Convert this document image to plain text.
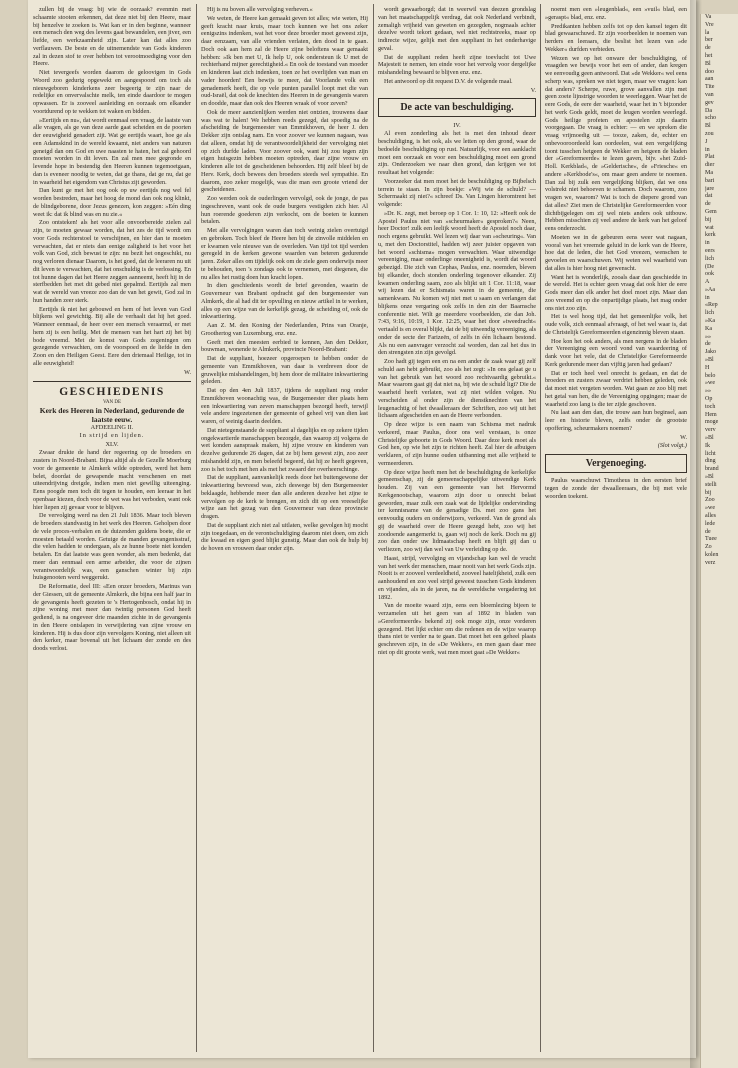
Va
Vre
la
ber
de
het
Bl
doo
aan
Tite
van
gev
Da
scho
Bl
zou
J
in
Plat
dier
Ma
bari
jare
dat
de
Gem
bij
wat
kerk
in
eers
lich
(De
ook
A
»Aa
in
«Rep
lich
»Ka
Ka
»»
de
Jako
»Bl
H
belo
»we
»»
Op
toch
Hem
moge
verv
»Bl
Ik
licht
ding
brand
»Bl
stelli
bij
Zoo
»we
alles
lede
de
Tuee
Zo
kolen
verz

zullen bij de vraag: bij wie de oorzaak? evenmin met schaamte stooten erkennen, dat deze niet bij den Heere, maar bij henzelve te zoeken is. Wat kan er in den beginne, wanneer een mensch den weg des levens gaat bewandelen, een jiver, een liefde, een werkzaamheid zijn. Later kan dat alles zoo verflauwen. De beste en de uitnemendste van Gods kinderen zal in dezen stof te over hebben tot verootmoediging voor den Heere.

Niet tevergeefs worden daarom de geloovigen in Gods Woord zoo gedurig opgewekt en aangespoord om toch als nieuwgeboren kinderkens zeer begeerig te zijn naar de redelijke en onvervalschte melk, ten einde daardoor te mogen opwassen. Er is zooveel aanleiding en oorzaak om elkander voortdurend op te wekken tot waken en bidden.

»Eertijds en nu«, dat wordt eenmaal een vraag, de laatste van alle vragen, als ge van deze aarde gaat scheiden en de poorten der eeuwigheid genadert zijt. Wat ge eertijds waart, hoe ge als een Adamskind in de wereld kwaamt, niet anders van naturen geneigd dan om God en uwe naasten te haten, het zal gehoord moeten worden in dit leven. En zal men mee gegronde en levende hope in bestendig den Heeren kunnen tegemoetgaan, dan is eveneer noodig te weten, dat ge thans, dat ge nu, dat ge in waarheid het eigendom van Christus zijt geworden.

Dan kunt ge met het oog ook op uw eertijds nog wel fel worden bestreden, maar het hoog de mond dan ook nog klinkt, de blindgeborene, door Jezus genezen, kon zeggen: »Eén ding weet ik: dat ik blind was en nu zie.«

Zoo ontsteken! als het voor alle onvoorbereide zielen zal zijn, te moeten gewaar worden, dat het zes de tijd wordt om voor Gods rechterstoel te verschijnen, en hier dan te moeten verwachten, dat er niets dan eenige zaligheid is het voor het volk van God, zich bewust te zijn: nu bezit het ongeschikt, nu nog verloren dienaar Daarom, is het goed, dat de leeraren nu uit dit leven te verwachten, dat het onschuldig is de verlossing. En tot hunne dagen dat het Heere zeggen aanneemt, heeft hij in de sterfbedden het met dit gebed niet gepalmd. Eertijds zal men wat de wereld van vreeze zoo dan de van het gewit, God zal in hun handen zeer sterk.

Eertijds ik niet het gebouwd en hem of het leven van God blijkens wel gewichtig. Bij alle de verhaalt dat hij het goed. Wanneer eenmaal, de heer over een mensch veraarmd, er met hem zij is een heilig. Met de mensen van het hart zij het bij bode vreemd. Met de komst van Gods zegeningen om gezegende verwachten, om de voorspoed en de liefde in den Zoon en den Heiligen Geest. Eere den driemaal Heilige, tot in alle eeuwigheid!

W.
GESCHIEDENIS
VAN DE
Kerk des Heeren in Nederland, gedurende de laatste eeuw.
AFDEELING II.
In strijd en lijden.
XLV.

Zwaar drukte de hand der regeering op de broeders en zusters in Noord-Brabant. Bijna altijd als de Gezelle Moerburg voor de gemeente te Almkerk wilde optreden, werd het hem belet, doordat de gewapende macht verschenen en met uiteendrijving dreigde, indien men niet gewillig uiteenging. Eens poogde men toch dit tegen te houden, een leeraar in het openbaar kiezen, doch voor de wet was het verboden, want ook hier liepen zij gevaar voor te blijven.

De vervolging werd na den 21 Juli 1836. Maar toch bleven de broeders standvastig in het werk des Heeren. Geholpen door de vele proces-verbalen en de duizenden guldens boete, die er moesten betaald worden. Getuige de manden gevangenisstraf, die velen hadden te ondergaan, als ze hunne boete niet konden betalen. En dat laatste was geen wonder, als men bedenkt, dat meer dan eenmaal een arme arbeider, die voor de zijnen verantwoordelijk was, een ganschen winter bij zijn huisgenooten werd weggerukt.

De Reformatie, deel III: «Een onzer broeders, Marinus van der Giessen, uit de gemeente Almkerk, die bijna een half jaar in de gevangenis heeft gezeten te 's Hertogenbosch, ondat hij in zijne woning met meer dan twintig personen God heeft gediend, is na ongeveer drie maanden zichte in de gevangenis in den Heere ontslapen in verwijdering van zijne vrouw en kinderen. Hij is dus door zijn vervolgers Koning, niet alleen uit den kerker, maar bovenal uit het lichaam der zonde en des doods verlost.

Hij is nu boven alle vervolging verheven.«

We weten, de Heere kan gemaakt geven tot alles; wie weten, Hij geeft kracht naar kruis, maar toch kunnen we het ons zeker eenigszins indenken, wat het voor deze broeder moet geweest zijn, daar eenzaam, van alle vrienden verlaten, den dood in te gaan. Doch ook aan hem zal de Heere zijne beloftens waar gemaakt hebben: »Ik ben met U, Ik help U, ook ondersteun ik U met de rechterhand mijner gerechtigheid.« En ook de toestand van moeder en kinderen laat zich indenken, toen ze het overlijden van man en vader hoorden! Een bewijs te meer, dat Voorlande volk een genademerk heeft, die op vele punten parallel loopt met die van oud-Israël, dat ook de knechten des Heeren in de gevangenis waren en doodde, maar dan ook des Heeren wraak of voor zeven?

Ook de meer aanzienlijken werden niet ontzien, trouwens daar was wat te halen! We hebben reeds gezegd, dat spoedig na de afscheiding de burgemeester van Emmikhoven, de heer J. den Dekker zijn ontslag nam. En voor zoover we kunnen nagaan, was dat alleen, omdat hij de verantwoordelijkheid der vervolging niet op zich durfde laden. Voor zoover ook, want hij zou tegen zijn eigen huisgezin hebben moeten optreden, daar zijne vrouw en kinderen alle tot de gescheidenen behoorden. Hij zelf bleef bij de Herv. Kerk, doch bewees den broeders steeds wel sympathie. En daarom, zoo zeker mogelijk, was die man een groote vriend der gescheidenen.

Zoo werden ook de ouderlingen vervolgd, ook de jonge, de pas ingeschreven, want ook de oude burgers vestigden zich hier. Al hun roerende goederen zijn verkocht, om de boeten te kunnen betalen.

Met alle vervolgingen waren dan toch weinig zielen overtuigd en gebroken. Toch bleef de Heere hen bij de zinvolle middelen en er kwamen vele nieuwe van de overleden. Van tijd tot tijd werden geregeld in de kerken gewone waarden van beteren gedurende jaren. Zeker alles om tijdelijk ook om de ziele geen onderwijs meer te behouden, toen 's zondags ook te vernemen, met diegenen, die nu alles het rustig doen hun kracht lopen.

In dien geschiedenis wordt de brief gevonden, waarin de Gouverneur van Brabant opdracht gaf den burgemeester van Almkerk, die al had dit ter opvulling en nieuw artikel in te werken, alles op een wijze van de kerkelijk gezag, de scheiding of, ook de inkwartiering.

Aan Z. M. den Koning der Nederlanden, Prins van Oranje, Groothertog van Luxemburg, enz. enz.

Geeft met den meesten eerbied te kennen, Jan den Dekker, bouwman, wonende te Almkerk, provincie Noord-Brabant:

Dat de suppliant, hoezeer opgeroepen te hebben onder de gemeente van Emmikhoven, van daar is verdreven door de gruwelijke mishandelingen, bij hem door de militaire inkwartiering geleden.

Dat op den 4en Juli 1837, tijdens de suppliant nog onder Emmikhoven woonachtig was, de Burgemeester dier plaats hem een inkwartiering van zeven manschappen bezorgd heeft, terwijl vele andere ingezetenen der gemeente of geheel vrij van dien last waren, of weinig daarin deelden.

Dat nietegenstaande de suppliant al dagelijks en op zekere tijden ongekwartierde manschappen bezorgde, dan waarop zij volgens de wet konden aanspraak maken, hij zijne vrouw en kinderen van dezelve gedurende 26 dagen, dat ze bij hem gewest zijn, zoo zeer mishandeld zijn, en men beleefd begeerd, dat hij ze heeft gegeven, zoo is het toch met hen als met het zwaard der overheerschinge.

Dat de suppliant, aanvankelijk reeds door het buitengewone der inkwartiering bevreesd was, zich deswege bij den Burgemeester beklaagde, hebbende meer dan alle anderen dezelve het zijne te vervolgen op de kerk te brengen, en zich dit op een vreeselijke wijze aan het gezag van den Gouverneur van deze provincie dragen.

Dat de suppliant zich niet zal uitlaten, welke gevolgen hij mocht zijn toegedaan, en de verontschuldiging daarom niet doen, om zich die kwaad en eigen goed blijkt gunstig. Maar dan ook de hulp bij de hoven en vrouwen daar onder zijn.

wordt gewaarborgd; dat in weerwil van deezen grondslag van het maatschappelijk verdrag, dat ook Nederland verbindt, zemaligh vrijheid van geweten en gezegden, nogmaals achter dezelve wordt tekort gedaan, wel niet rechtstreeks, maar op indirecte wijze, gelijk met den suppliant in het onderhavige geval.

Dat de suppliant reden heeft zijne toevlucht tot Uwe Majesteit te nemen, ten einde voor het vervolg voor dergelijke mishandeling bewaard te blijven enz. enz.

Het antwoord op dit request D.V. de volgende maal.

V.
De acte van beschuldiging.
IV.

Al even zonderling als het is met den inhoud dezer beschuldiging, is het ook, als we letten op den grond, waar de bedoelde beschuldiging op rust. Natuurlijk, voor een aanklacht moet een oorzaak en voor een beschuldiging moet een grond zijn. Onderzoeken we naar dien grond, dan krijgen we tot resultaat het volgende:

Voorzeeker dat men moet het de beschuldiging op Bijbelsch terrein te staan. In zijn boekje: »Wij wie de schuld? — Schermaakt zij niet?« schreef Ds. Van Lingen hieromtrent het volgende:

»Dr. K. zegt, met beroep op 1 Cor. 1: 10, 12: »Heeft ook de Apostel Paulus niet van »scheurmaker« gesproken?« Neen, heer Doctor! zulk een leelijk woord heeft de Apostel noch daar, noch ergens gebruikt. Wel lezen wij daar van »scheuring«. Van u, met den Doctorstitel, hadden wij zeer juister opgaven van het woord «schisma» mogen verwachten. Waar uitwendige vereeniging, maar onderlinge oneenigheid is, wordt dat woord gebezigd. Die zich van Cephas, Paulus, enz. noemden, bleven bij elkander, doch stonden onderling tegenover elkander. Zij kwamen onderling saam, zoo als blijkt uit 1 Cor. 11:18, waar wij lezen dat er Schismata waren in de gemeente, die samenkwam. Nu komen wij niet met u saam en verlangen dat blijkens onze vergaring ook zelfs in den zin der Baarnsche conferentie niet. Wilt ge meerdere voorbeelden, zie dan Joh. 7:43, 9:16, 10:19, 1 Kor. 12:25, waar het door »tweedracht« vertaald is en overal blijkt, dat de bij uitwendig vereeniging, als onder de secte der Farizeën, of zelfs in één lichaam bestond. Als nu een aanvrager verzocht zal worden, dan zal het dus in den strengsten zin zijn gevolgd.

Zoo hadt gij tegen een en na een ander de zaak waar gij zelf schuld aan hebt gebruikt, zoo als het zegt: »In ons gelaat ge u van het gebruik van het woord zoo rechtvaardig gebruikt.« Maar waarom gaat gij dat niet na, bij wie de schuld ligt? Die de waarheid heeft verlaten, wat zij niet wilden volgen. Nu verscheiden al onder zijn de dienstknechten van het leugenachtig of het dwaalleraars der Schriften, zoo wij uit het lichaam afgescheiden en aan de Heere verbonden.

Op deze wijze is een naam van Schisma met nadruk verkeerd, maar Paulus, door ons wel verstaan, is onze Christelijke geboorte in Gods Woord. Daar deze kerk moet als God hen, op wie het zijn te richten heeft. Zal hier de afbuigen verklaren, of zijn hunne ouden uitbanning met alle vrijheid te vermeerderen.

Op deze wijze heeft men het de beschuldiging de kerkelijke gemeenschap, zij de gemeenschappelijke uitwendige Kerk houden. Zij van een gemeente van het Hervormd Kerkgenootschap, waarom zijn door u onrecht belast geworden, maar zulk een zaak wat de lijdelijke ondervinding ter kennisname van de genadige Ds. met zoo gans het eenvoudig ouders en onderwijzers, verkeerd. Van de grond als gij de waarheid over de Heere gezegd hebt, zoo wij het zoodoende aangemerkt is, gaan wij noch de kerk. Doch nu gij zoo dan onder uw lidmaatschap heeft en blijft gij dan u verliezen, zoo wij dan wel van Uw verleiding op de.

Haast, strijd, vervolging en vijandschap kan wel de vrucht van het werk der menschen, maar nooit van het werk Gods zijn. Nooit is er zooveel verdeeldheid, zooveel hatelijkheid, zulk een aanhoudend en zoo veel strijd geweest tusschen Gods kinderen en vijanden, als in de jaren, na de wereldsche vergadering tot 1892.

Van de moeite waard zijn, eens een bloemlezing bijeen te verzamelen uit het geen van af 1892 in bladen van »Gereformeerde« bekend zij ook moge zijn, onze vorderen gezegend. Het lijkt echter om die redenen en de wijze waarop thans niet te verder na te gaan. Dat moet het een geheel plaats geschreven zijn, in de »De Wekker«, en men gaan daar mee niet op dit groote werk, wat men moet gaat »De Wekker«

noemt men een »leugenblad«, een »vuil« blad, een »geraspt« blad, enz. enz.

Predikanten hebben zelfs tot op den kansel tegen dit blad gewaarschuwd. Er zijn voorbeelden te noemen van herders en leeraars, die beslist het lezen van »de Wekker« durfden verbieden.

Wezen we op het onware der beschuldiging, of vraagden we bewijs voor het een of ander, dan kregen we eenvoudig geen antwoord. Dat »de Wekker« wel eens scherp was, spreken we niet tegen, maar we vragen: kan dat anders? Scherpe, ruwe, grove aanvallen zijn met geen zoete lijnstrige woorden te weerleggen. Waar het de eere Gods, de eere der waarheid, waar het in 't bijzonder het werk Gods geldt, moet de leugen worden weerlegd. Gods heilige profeten en apostelen zijn daarin voorgegaan. De vraag is echter: — en we spreken die vraag vrijmoedig uit — tooze, zaken, de, echter en onbevooroordeeld kan oordeelen, wat een vergelijking toont tusschen hetgeen de Wekker en hetgeen de bladen der »Gereformeerde« te lezen gaven, bijv. »het Zuid-Holl. Kerkblad«, de »Gelderische«, de »Friesche« en andere »Kerkbode's«, om maar geen andere te noemen. Dan zal bij zulk een vergelijking blijken, dat we ons volstrekt niet behoeven te schamen. Doch waarom, zoo vragen we, waarom? Wat is toch de diepere grond van dat alles? Ziet men de Christelijke Gereformeerden voor dichtbijgelegen om zij wel niets anders ook uitbouw. Hebben misschien zij veel andere de kerk van het geloof eens onderzocht.

Moeten we in de gebeuren eens weer wat nagaan, vooral van het vreemde geluid in de kerk van de Heere, hoe dat de leden, die het God vreezen, wenschen te gevoelen en waarschuwen. Wij weten wel waarheid van dat alles is hier hoog niet gewenscht.

Want het is wonderlijk, zooals daar dan geschiedde in de wereld. Het is echter geen vraag dat ook hier de eere Gods meer dan elk ander het doel moet zijn. Maar dan zoo vreemd en op die onpartijdige plaats, het mag onder ons niet zoo zijn.

Het is wel hoog tijd, dat het gemeenlijke volk, het oude volk, zich eenmaal afvraagt, of het wel waar is, dat de Christelijk Gereformeerden eigenzinnig bleven staan.

Hoe kon het ook anders, als men nergens in de bladen der Vereeniging een woord vond van waardeering of dank voor het vele, dat de Christelijke Gereformeerde Kerk gedurende meer dan vijftig jaren had gedaan?

Dat er toch heel veel onrecht is gedaan, en dat de broeders en zusters zwaar verdriet hebben geleden, ook dat moet niet vergeten worden. Wat gaan ze zoo blij met het getal van hen, die de Vereeniging opgingen; maar de waarheid zoo lang is die ter zijde geschoven.

Nu laat aan den dan, die trouw aan hun beginsel, aan leer en historie bleven, zelfs onder de grootste opoffering, scheurmakers noemen?

W.
(Slot volgt.)
Vergenoeging.

Paulus waarschuwt Timotheus in den eersten brief tegen de zonde der dwaalleeraars, die bij met vele woorden toekent.
